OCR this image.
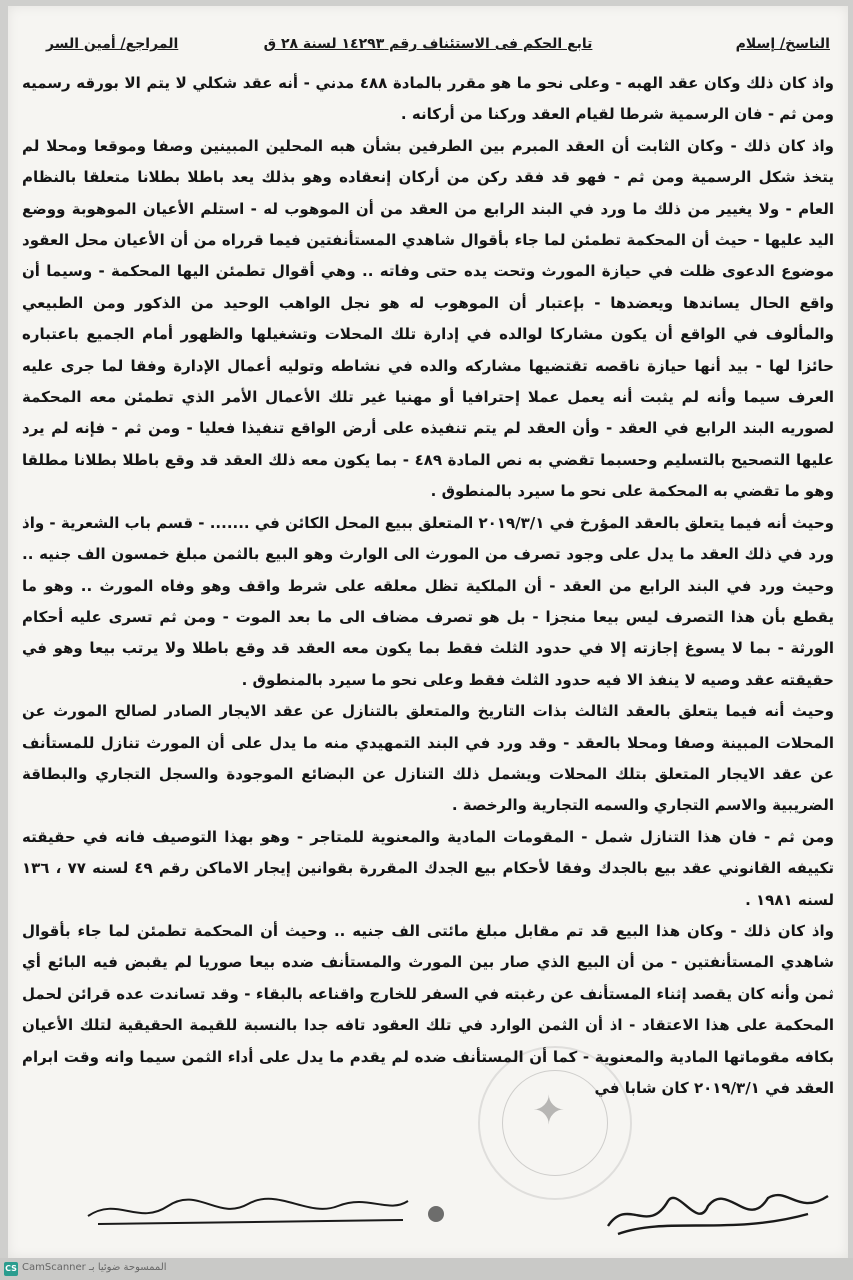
الناسخ/ إسلام
تابع الحكم فى الاستئناف رقم ١٤٢٩٣ لسنة ٢٨ ق
المراجع/ أمين السر

واذ كان ذلك وكان عقد الهبه - وعلى نحو ما هو مقرر بالمادة ٤٨٨ مدني - أنه عقد شكلي لا يتم الا بورقه رسميه ومن ثم - فان الرسمية شرطا لقيام العقد وركنا من أركانه .

واذ كان ذلك - وكان الثابت أن العقد المبرم بين الطرفين بشأن هبه المحلين المبينين وصفا وموقعا ومحلا لم يتخذ شكل الرسمية ومن ثم - فهو قد فقد ركن من أركان إنعقاده وهو بذلك يعد باطلا بطلانا متعلقا بالنظام العام - ولا يغيير من ذلك ما ورد في البند الرابع من العقد من أن الموهوب له - استلم الأعيان الموهوبة ووضع اليد عليها - حيث أن المحكمة تطمئن لما جاء بأقوال شاهدي المستأنفتين فيما قرراه من أن الأعيان محل العقود موضوع الدعوى ظلت في حيازة المورث وتحت يده حتى وفاته .. وهي أقوال تطمئن اليها المحكمة - وسيما أن واقع الحال يساندها ويعضدها - بإعتبار أن الموهوب له هو نجل الواهب الوحيد من الذكور ومن الطبيعي والمألوف في الواقع أن يكون مشاركا لوالده في إدارة تلك المحلات وتشغيلها والظهور أمام الجميع باعتباره حائزا لها - بيد أنها حيازة ناقصه تقتضيها مشاركه والده في نشاطه وتوليه أعمال الإدارة وفقا لما جرى عليه العرف سيما وأنه لم يثبت أنه يعمل عملا إحترافيا أو مهنيا غير تلك الأعمال الأمر الذي تطمئن معه المحكمة لصوريه البند الرابع في العقد - وأن العقد لم يتم تنفيذه على أرض الواقع تنفيذا فعليا - ومن ثم - فإنه لم يرد عليها التصحيح بالتسليم وحسبما تقضي به نص المادة ٤٨٩ - بما يكون معه ذلك العقد قد وقع باطلا بطلانا مطلقا وهو ما تقضي به المحكمة على نحو ما سيرد بالمنطوق .

وحيث أنه فيما يتعلق بالعقد المؤرخ في ٢٠١٩/٣/١ المتعلق ببيع المحل الكائن في ....... - قسم باب الشعرية - واذ ورد في ذلك العقد ما يدل على وجود تصرف من المورث الى الوارث وهو البيع بالثمن مبلغ خمسون الف جنيه .. وحيث ورد في البند الرابع من العقد - أن الملكية تظل معلقه على شرط واقف وهو وفاه المورث .. وهو ما يقطع بأن هذا التصرف ليس بيعا منجزا - بل هو تصرف مضاف الى ما بعد الموت - ومن ثم تسرى عليه أحكام الورثة - بما لا يسوغ إجازته إلا في حدود الثلث فقط بما يكون معه العقد قد وقع باطلا ولا يرتب بيعا وهو في حقيقته عقد وصيه لا ينفذ الا فيه حدود الثلث فقط وعلى نحو ما سيرد بالمنطوق .

وحيث أنه فيما يتعلق بالعقد الثالث بذات التاريخ والمتعلق بالتنازل عن عقد الايجار الصادر لصالح المورث عن المحلات المبينة وصفا ومحلا بالعقد - وقد ورد في البند التمهيدي منه ما يدل على أن المورث تنازل للمستأنف عن عقد الايجار المتعلق بتلك المحلات ويشمل ذلك التنازل عن البضائع الموجودة والسجل التجاري والبطاقة الضريبية والاسم التجاري والسمه التجارية والرخصة .

ومن ثم - فان هذا التنازل شمل - المقومات المادية والمعنوية للمتاجر - وهو بهذا التوصيف فانه في حقيقته تكييفه القانوني عقد بيع بالجدك وفقا لأحكام بيع الجدك المقررة بقوانين إيجار الاماكن رقم ٤٩ لسنه ٧٧ ، ١٣٦ لسنه ١٩٨١ .

واذ كان ذلك - وكان هذا البيع قد تم مقابل مبلغ مائتى الف جنيه .. وحيث أن المحكمة تطمئن لما جاء بأقوال شاهدي المستأنفتين - من أن البيع الذي صار بين المورث والمستأنف ضده بيعا صوريا لم يقبض فيه البائع أي ثمن وأنه كان يقصد إثناء المستأنف عن رغبته في السفر للخارج واقناعه بالبقاء - وقد تساندت عده قرائن لحمل المحكمة على هذا الاعتقاد - اذ أن الثمن الوارد في تلك العقود تافه جدا بالنسبة للقيمة الحقيقية لتلك الأعيان بكافه مقوماتها المادية والمعنوية - كما أن المستأنف ضده لم يقدم ما يدل على أداء الثمن سيما وانه وقت ابرام العقد في ٢٠١٩/٣/١ كان شابا في

✦
CS الممسوحة ضوئيا بـ CamScanner
